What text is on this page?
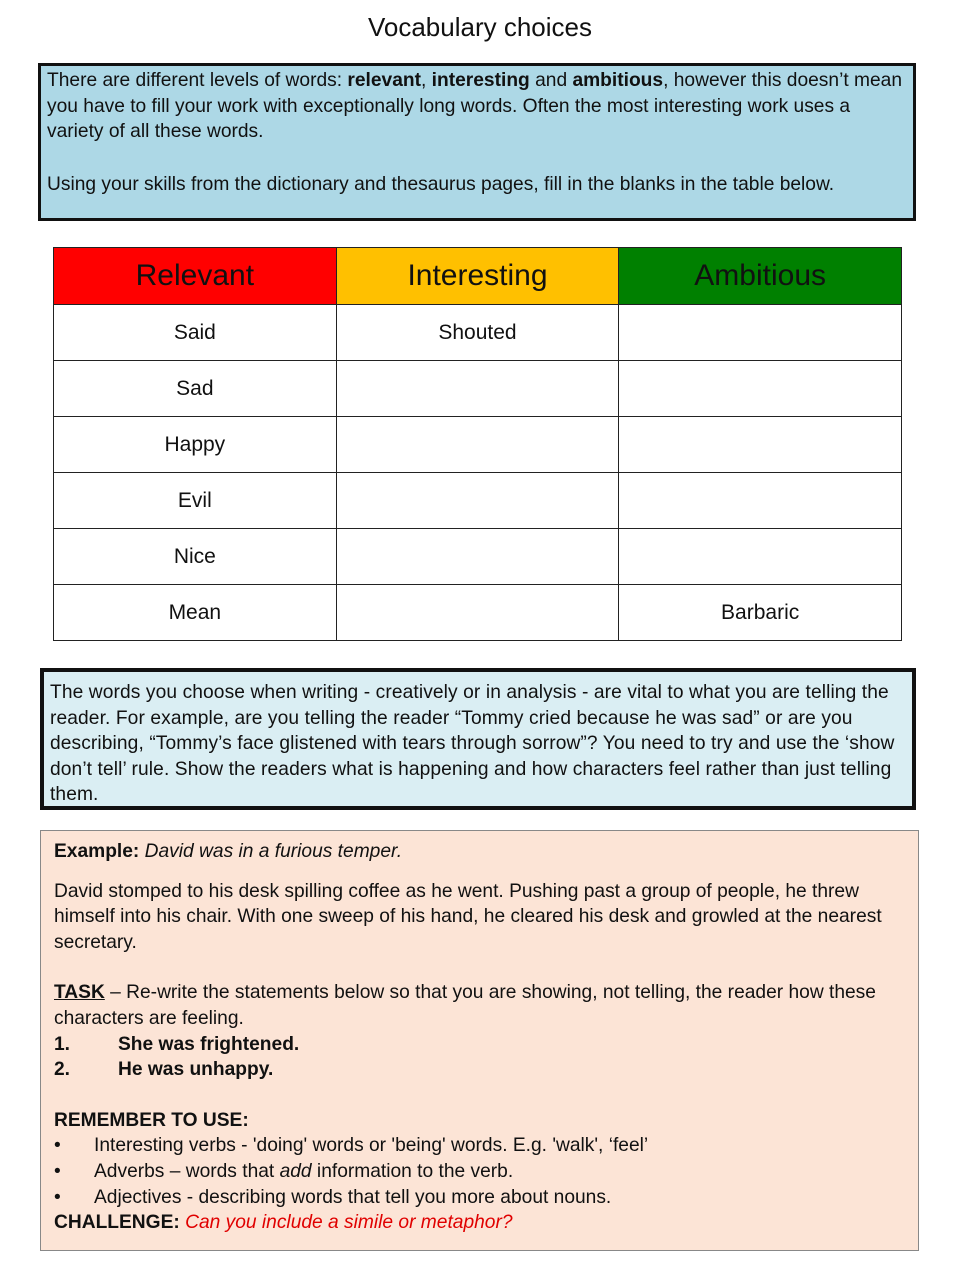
Vocabulary choices

There are different levels of words: relevant, interesting and ambitious, however this doesn’t mean you have to fill your work with exceptionally long words. Often the most interesting work uses a variety of all these words.

Using your skills from the dictionary and thesaurus pages, fill in the blanks in the table below.

Relevant	Interesting	Ambitious
Said	Shouted	
Sad		
Happy		
Evil		
Nice		
Mean		Barbaric

The words you choose when writing - creatively or in analysis - are vital to what you are telling the reader. For example, are you telling the reader “Tommy cried because he was sad” or are you describing, “Tommy’s face glistened with tears through sorrow”? You need to try and use the ‘show don’t tell’ rule. Show the readers what is happening and how characters feel rather than just telling them.

Example: David was in a furious temper.

David stomped to his desk spilling coffee as he went. Pushing past a group of people, he threw himself into his chair. With one sweep of his hand, he cleared his desk and growled at the nearest secretary.

TASK – Re-write the statements below so that you are showing, not telling, the reader how these characters are feeling.

1. She was frightened.

2. He was unhappy.

REMEMBER TO USE:

• Interesting verbs - 'doing' words or 'being' words. E.g. 'walk', ‘feel’

• Adverbs – words that add information to the verb.

• Adjectives - describing words that tell you more about nouns.

CHALLENGE: Can you include a simile or metaphor?
